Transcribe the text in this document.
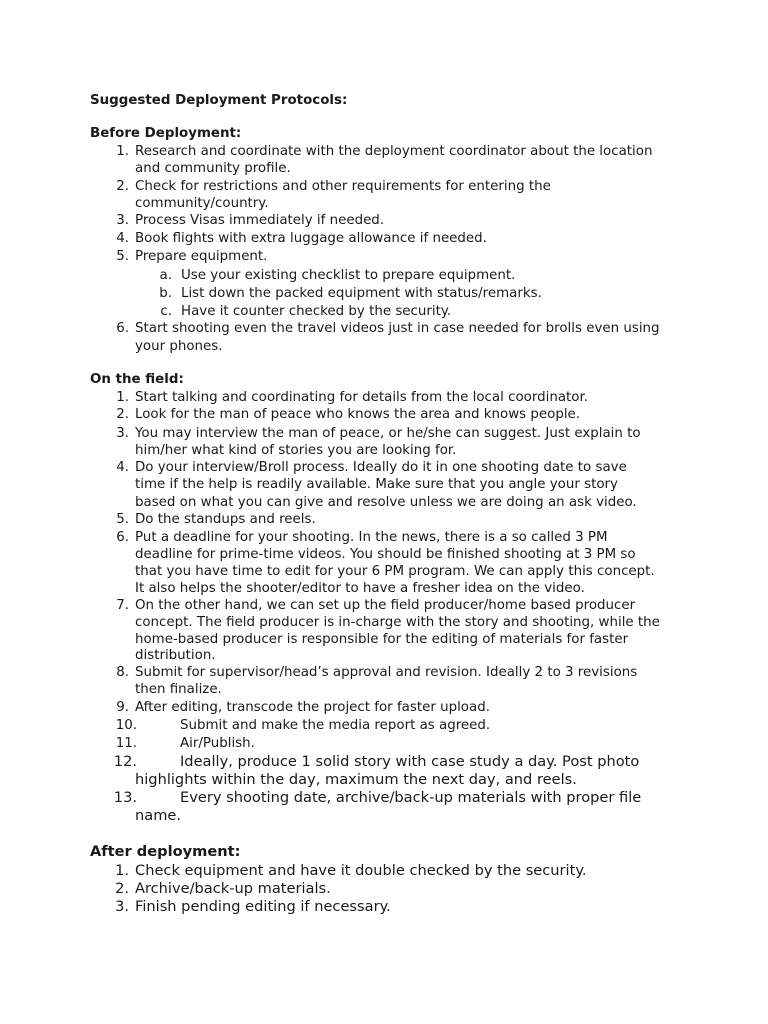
Suggested Deployment Protocols:
Before Deployment:
1. Research and coordinate with the deployment coordinator about the location
and community profile.
2. Check for restrictions and other requirements for entering the
community/country.
3. Process Visas immediately if needed.
4. Book flights with extra luggage allowance if needed.
5. Prepare equipment.
a. Use your existing checklist to prepare equipment.
b. List down the packed equipment with status/remarks.
c. Have it counter checked by the security.
6. Start shooting even the travel videos just in case needed for brolls even using
your phones.
On the field:
1. Start talking and coordinating for details from the local coordinator.
2. Look for the man of peace who knows the area and knows people.
3. You may interview the man of peace, or he/she can suggest. Just explain to
him/her what kind of stories you are looking for.
4. Do your interview/Broll process. Ideally do it in one shooting date to save
time if the help is readily available. Make sure that you angle your story
based on what you can give and resolve unless we are doing an ask video.
5. Do the standups and reels.
6. Put a deadline for your shooting. In the news, there is a so called 3 PM
deadline for prime-time videos. You should be finished shooting at 3 PM so
that you have time to edit for your 6 PM program. We can apply this concept.
It also helps the shooter/editor to have a fresher idea on the video.
7. On the other hand, we can set up the field producer/home based producer
concept. The field producer is in-charge with the story and shooting, while the
home-based producer is responsible for the editing of materials for faster
distribution.
8. Submit for supervisor/head’s approval and revision. Ideally 2 to 3 revisions
then finalize.
9. After editing, transcode the project for faster upload.
10.	Submit and make the media report as agreed.
11.	Air/Publish.
12.	Ideally, produce 1 solid story with case study a day. Post photo
highlights within the day, maximum the next day, and reels.
13.	Every shooting date, archive/back-up materials with proper file
name.
After deployment:
1. Check equipment and have it double checked by the security.
2. Archive/back-up materials.
3. Finish pending editing if necessary.
